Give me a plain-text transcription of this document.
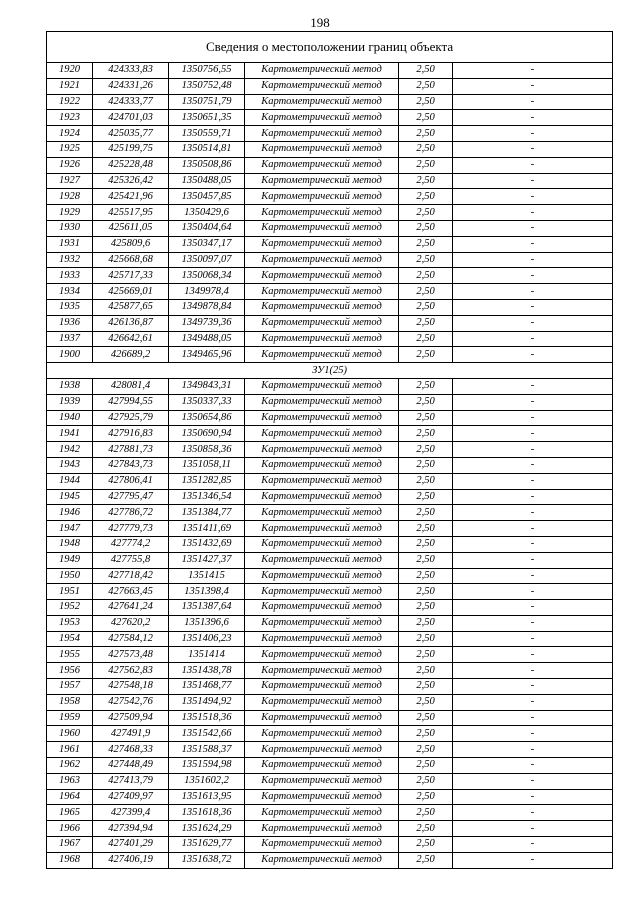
198
Сведения о местоположении границ объекта					
1920	424333,83	1350756,55	Картометрический метод	2,50	-
1921	424331,26	1350752,48	Картометрический метод	2,50	-
1922	424333,77	1350751,79	Картометрический метод	2,50	-
1923	424701,03	1350651,35	Картометрический метод	2,50	-
1924	425035,77	1350559,71	Картометрический метод	2,50	-
1925	425199,75	1350514,81	Картометрический метод	2,50	-
1926	425228,48	1350508,86	Картометрический метод	2,50	-
1927	425326,42	1350488,05	Картометрический метод	2,50	-
1928	425421,96	1350457,85	Картометрический метод	2,50	-
1929	425517,95	1350429,6	Картометрический метод	2,50	-
1930	425611,05	1350404,64	Картометрический метод	2,50	-
1931	425809,6	1350347,17	Картометрический метод	2,50	-
1932	425668,68	1350097,07	Картометрический метод	2,50	-
1933	425717,33	1350068,34	Картометрический метод	2,50	-
1934	425669,01	1349978,4	Картометрический метод	2,50	-
1935	425877,65	1349878,84	Картометрический метод	2,50	-
1936	426136,87	1349739,36	Картометрический метод	2,50	-
1937	426642,61	1349488,05	Картометрический метод	2,50	-
1900	426689,2	1349465,96	Картометрический метод	2,50	-
ЗУ1(25)					
1938	428081,4	1349843,31	Картометрический метод	2,50	-
1939	427994,55	1350337,33	Картометрический метод	2,50	-
1940	427925,79	1350654,86	Картометрический метод	2,50	-
1941	427916,83	1350690,94	Картометрический метод	2,50	-
1942	427881,73	1350858,36	Картометрический метод	2,50	-
1943	427843,73	1351058,11	Картометрический метод	2,50	-
1944	427806,41	1351282,85	Картометрический метод	2,50	-
1945	427795,47	1351346,54	Картометрический метод	2,50	-
1946	427786,72	1351384,77	Картометрический метод	2,50	-
1947	427779,73	1351411,69	Картометрический метод	2,50	-
1948	427774,2	1351432,69	Картометрический метод	2,50	-
1949	427755,8	1351427,37	Картометрический метод	2,50	-
1950	427718,42	1351415	Картометрический метод	2,50	-
1951	427663,45	1351398,4	Картометрический метод	2,50	-
1952	427641,24	1351387,64	Картометрический метод	2,50	-
1953	427620,2	1351396,6	Картометрический метод	2,50	-
1954	427584,12	1351406,23	Картометрический метод	2,50	-
1955	427573,48	1351414	Картометрический метод	2,50	-
1956	427562,83	1351438,78	Картометрический метод	2,50	-
1957	427548,18	1351468,77	Картометрический метод	2,50	-
1958	427542,76	1351494,92	Картометрический метод	2,50	-
1959	427509,94	1351518,36	Картометрический метод	2,50	-
1960	427491,9	1351542,66	Картометрический метод	2,50	-
1961	427468,33	1351588,37	Картометрический метод	2,50	-
1962	427448,49	1351594,98	Картометрический метод	2,50	-
1963	427413,79	1351602,2	Картометрический метод	2,50	-
1964	427409,97	1351613,95	Картометрический метод	2,50	-
1965	427399,4	1351618,36	Картометрический метод	2,50	-
1966	427394,94	1351624,29	Картометрический метод	2,50	-
1967	427401,29	1351629,77	Картометрический метод	2,50	-
1968	427406,19	1351638,72	Картометрический метод	2,50	-
